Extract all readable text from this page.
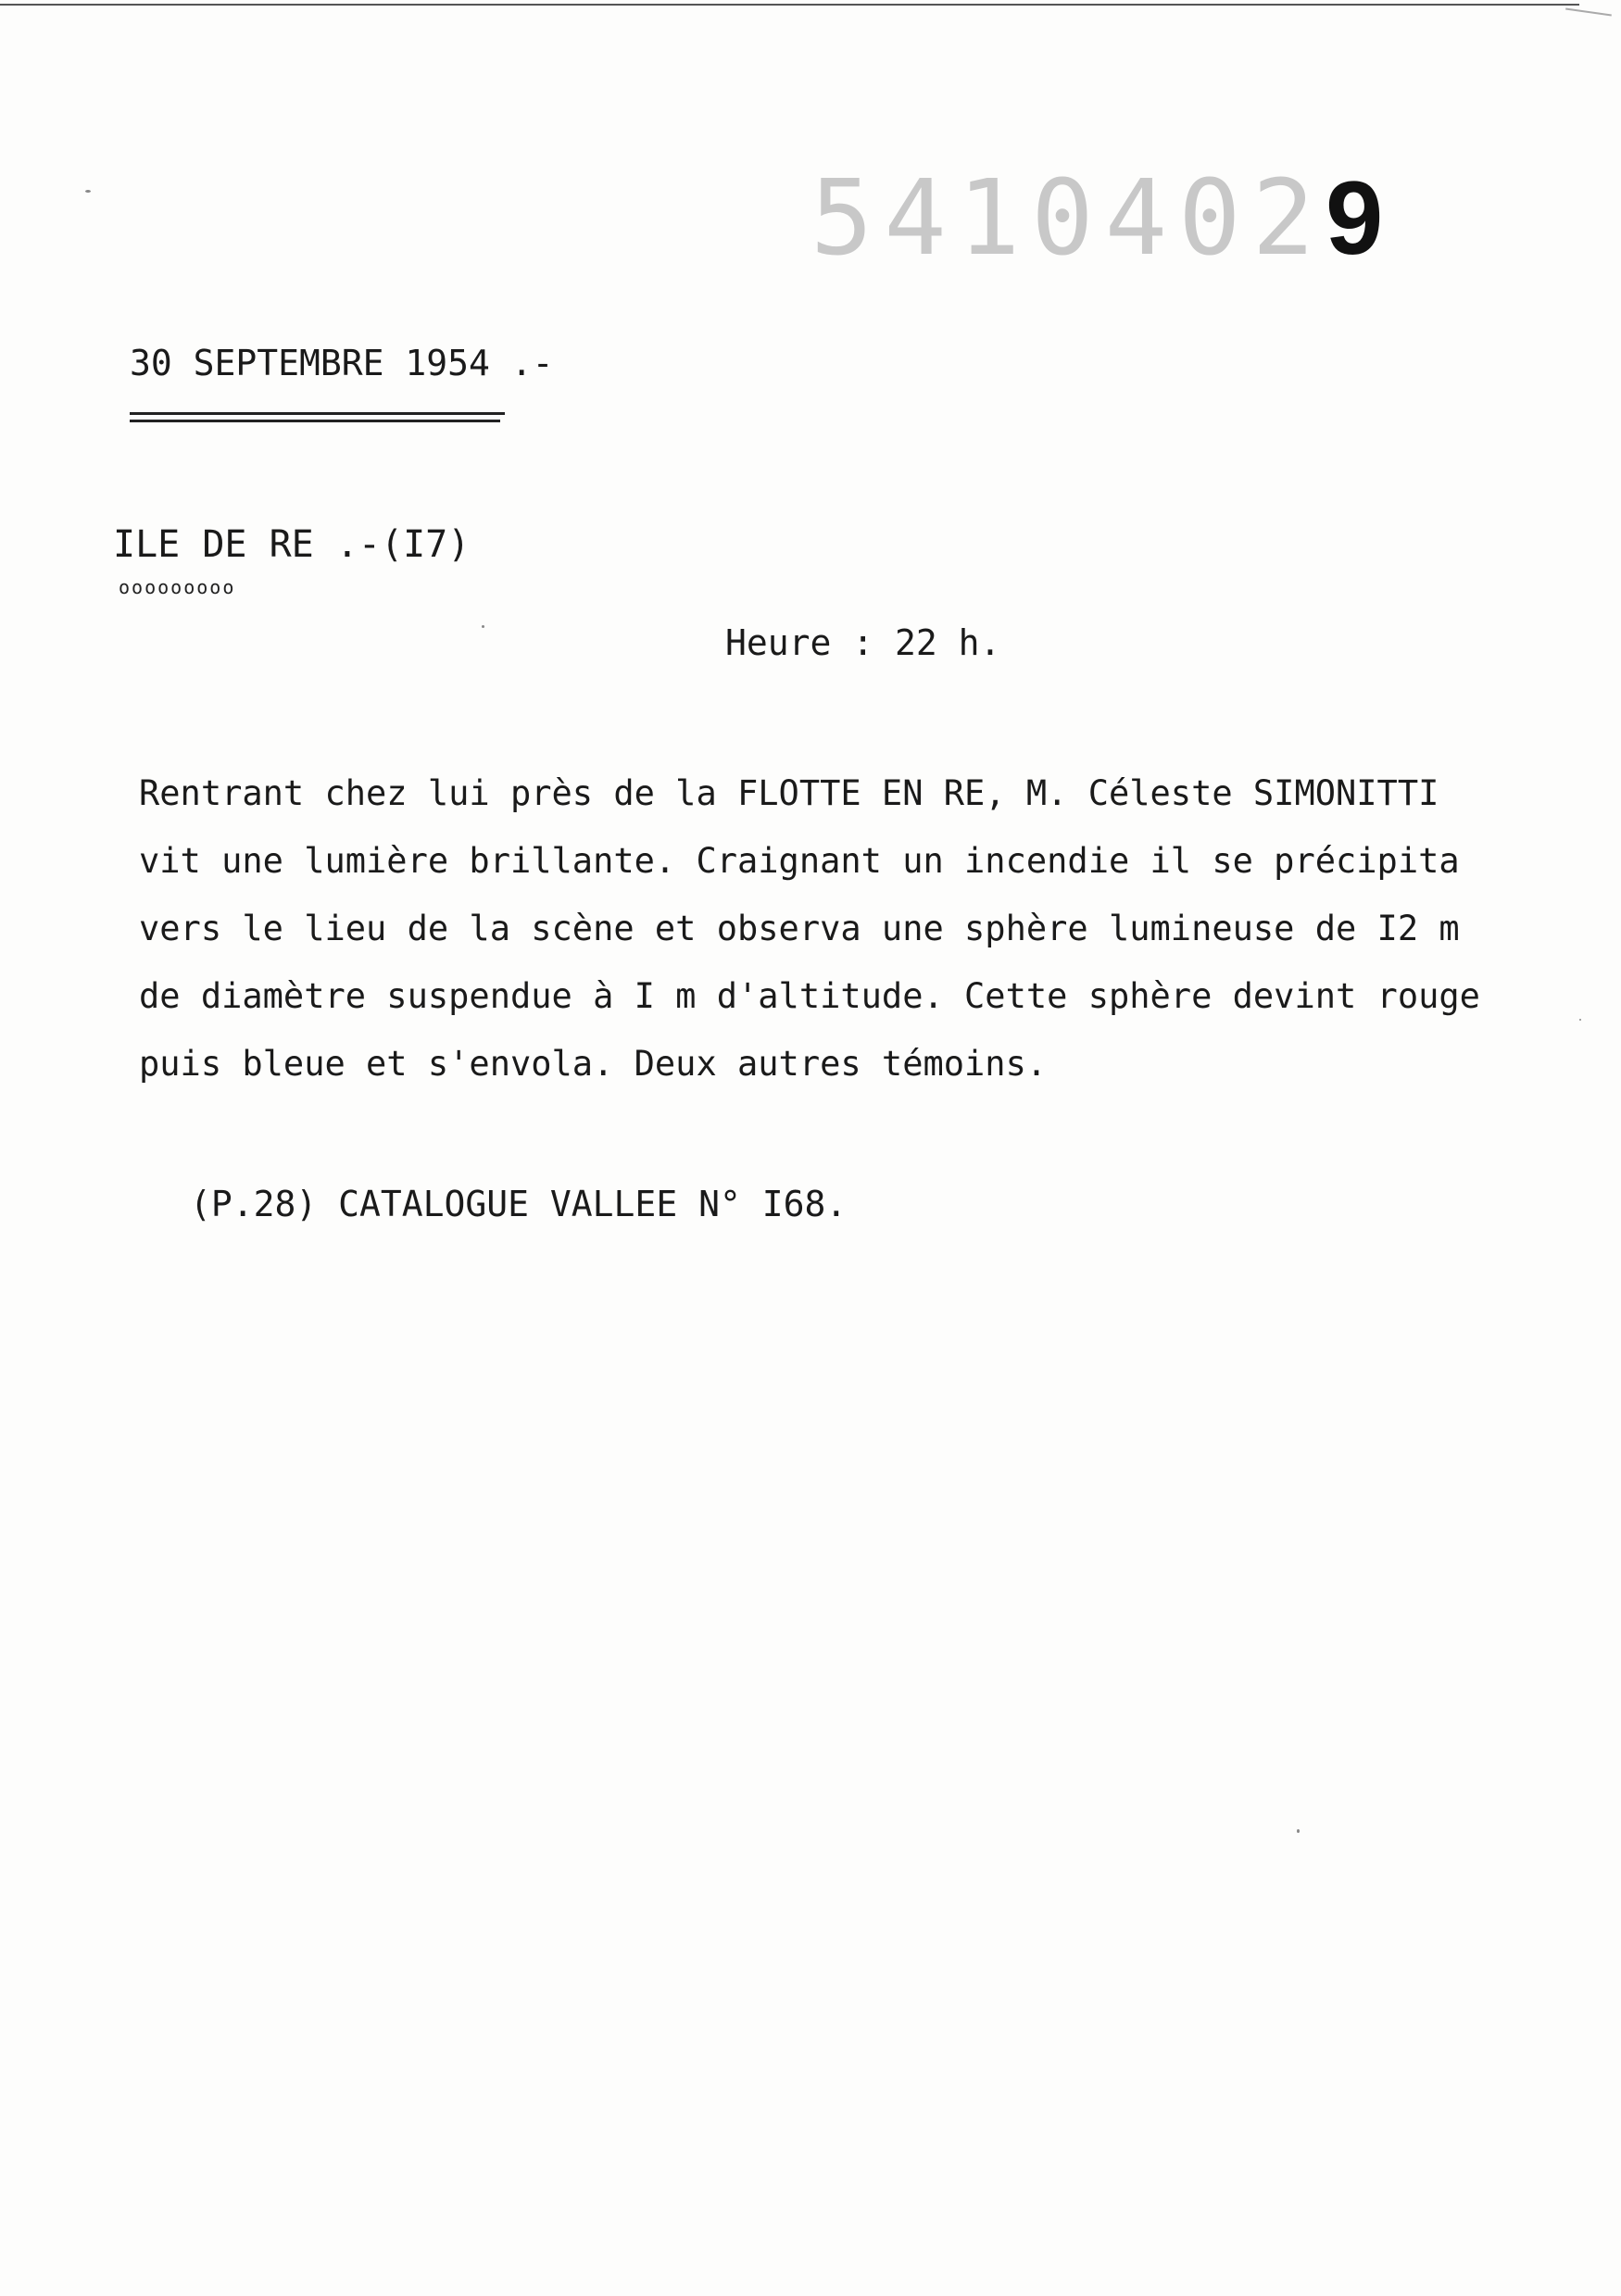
54104029
30 SEPTEMBRE 1954 .-
ILE DE RE .-(I7)
ooooooooo
Heure : 22 h.
Rentrant chez lui près de la FLOTTE EN RE, M. Céleste SIMONITTI
vit une lumière brillante. Craignant un incendie il se précipita
vers le lieu de la scène et observa une sphère lumineuse de I2 m
de diamètre suspendue à I m d'altitude. Cette sphère devint rouge
puis bleue et s'envola. Deux autres témoins.
(P.28) CATALOGUE VALLEE N° I68.
